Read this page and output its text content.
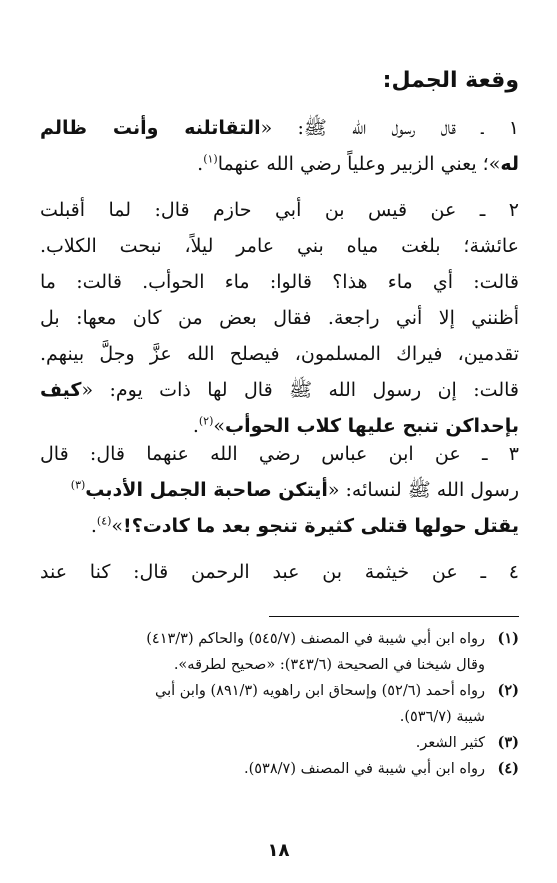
وقعة الجمل:
١ ـ قال رسول الله ﷺ: «التقاتلنه وأنت ظالم
له»؛ يعني الزبير وعلياً رضي الله عنهما$^{(١)}$.
٢ ـ عن قيس بن أبي حازم قال: لما أقبلت
عائشة؛ بلغت مياه بني عامر ليلاً، نبحت الكلاب.
قالت: أي ماء هذا؟ قالوا: ماء الحوأب. قالت: ما
أظنني إلا أني راجعة. فقال بعض من كان معها: بل
تقدمين، فيراك المسلمون، فيصلح الله عزَّ وجلَّ بينهم.
قالت: إن رسول الله ﷺ قال لها ذات يوم: «كيف
بإحداكن تنبح عليها كلاب الحوأب»$^{(٢)}$.
٣ ـ عن ابن عباس رضي الله عنهما قال: قال
رسول الله ﷺ لنسائه: «أيتكن صاحبة الجمل الأدبب$^{(٣)}$
يقتل حولها قتلى كثيرة تنجو بعد ما كادت؟!»$^{(٤)}$.
٤ ـ عن خيثمة بن عبد الرحمن قال: كنا عند
(١)رواه ابن أبي شيبة في المصنف (٥٤٥/٧) والحاكم (٤١٣/٣)
وقال شيخنا في الصحيحة (٣٤٣/٦): «صحيح لطرقه».
(٢)رواه أحمد (٥٢/٦) وإسحاق ابن راهويه (٨٩١/٣) وابن أبي
شيبة (٥٣٦/٧).
(٣)كثير الشعر.
(٤)رواه ابن أبي شيبة في المصنف (٥٣٨/٧).
١٨
